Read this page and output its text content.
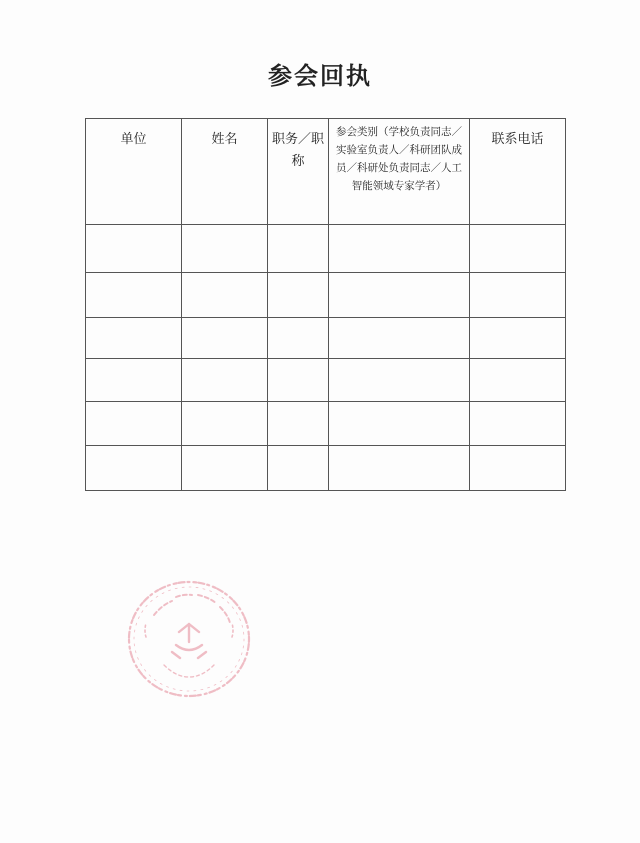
参会回执
单位	姓名	职务／职称	参会类别（学校负责同志／实验室负责人／科研团队成员／科研处负责同志／人工智能领域专家学者）	联系电话
